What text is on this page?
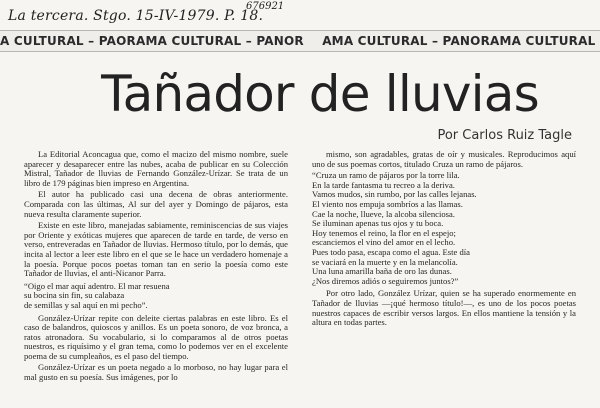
La tercera. Stgo. 15-IV-1979. P. 18.
676921
A CULTURAL – PAORAMA CULTURAL – PANOR AMA CULTURAL – PANORAMA CULTURAL
Tañador de lluvias
Por Carlos Ruiz Tagle

La Editorial Aconcagua que, como el macizo del mismo nombre, suele aparecer y desaparecer entre las nubes, acaba de publicar en su Colección Mistral, Tañador de lluvias de Fernando González-Urízar. Se trata de un libro de 179 páginas bien impreso en Argentina.

El autor ha publicado casi una decena de obras anteriormente. Comparada con las últimas, Al sur del ayer y Domingo de pájaros, esta nueva resulta claramente superior.

Existe en este libro, manejadas sabiamente, reminiscencias de sus viajes por Oriente y exóticas mujeres que aparecen de tarde en tarde, de verso en verso, entreveradas en Tañador de lluvias. Hermoso título, por lo demás, que incita al lector a leer este libro en el que se le hace un verdadero homenaje a la poesía. Porque pocos poetas toman tan en serio la poesía como este Tañador de lluvias, el anti-Nicanor Parra.

“Oigo el mar aquí adentro. El mar resuena

su bocina sin fin, su calabaza

de semillas y sal aquí en mi pecho”.

González-Urízar repite con deleite ciertas palabras en este libro. Es el caso de balandros, quioscos y anillos. Es un poeta sonoro, de voz bronca, a ratos atronadora. Su vocabulario, si lo comparamos al de otros poetas nuestros, es riquísimo y el gran tema, como lo podemos ver en el excelente poema de su cumpleaños, es el paso del tiempo.

González-Urízar es un poeta negado a lo morboso, no hay lugar para el mal gusto en su poesía. Sus imágenes, por lo

mismo, son agradables, gratas de oír y musicales. Reproducimos aquí uno de sus poemas cortos, titulado Cruza un ramo de pájaros.

“Cruza un ramo de pájaros por la torre lila.

En la tarde fantasma tu recreo a la deriva.

Vamos mudos, sin rumbo, por las calles lejanas.

El viento nos empuja sombríos a las llamas.

Cae la noche, llueve, la alcoba silenciosa.

Se iluminan apenas tus ojos y tu boca.

Hoy tenemos el reino, la flor en el espejo;

escanciemos el vino del amor en el lecho.

Pues todo pasa, escapa como el agua. Este día

se vaciará en la muerte y en la melancolía.

Una luna amarilla baña de oro las dunas.

¿Nos diremos adiós o seguiremos juntos?”

Por otro lado, González Urízar, quien se ha superado enormemente en Tañador de lluvias —¡qué hermoso título!—, es uno de los pocos poetas nuestros capaces de escribir versos largos. En ellos mantiene la tensión y la altura en todas partes.
